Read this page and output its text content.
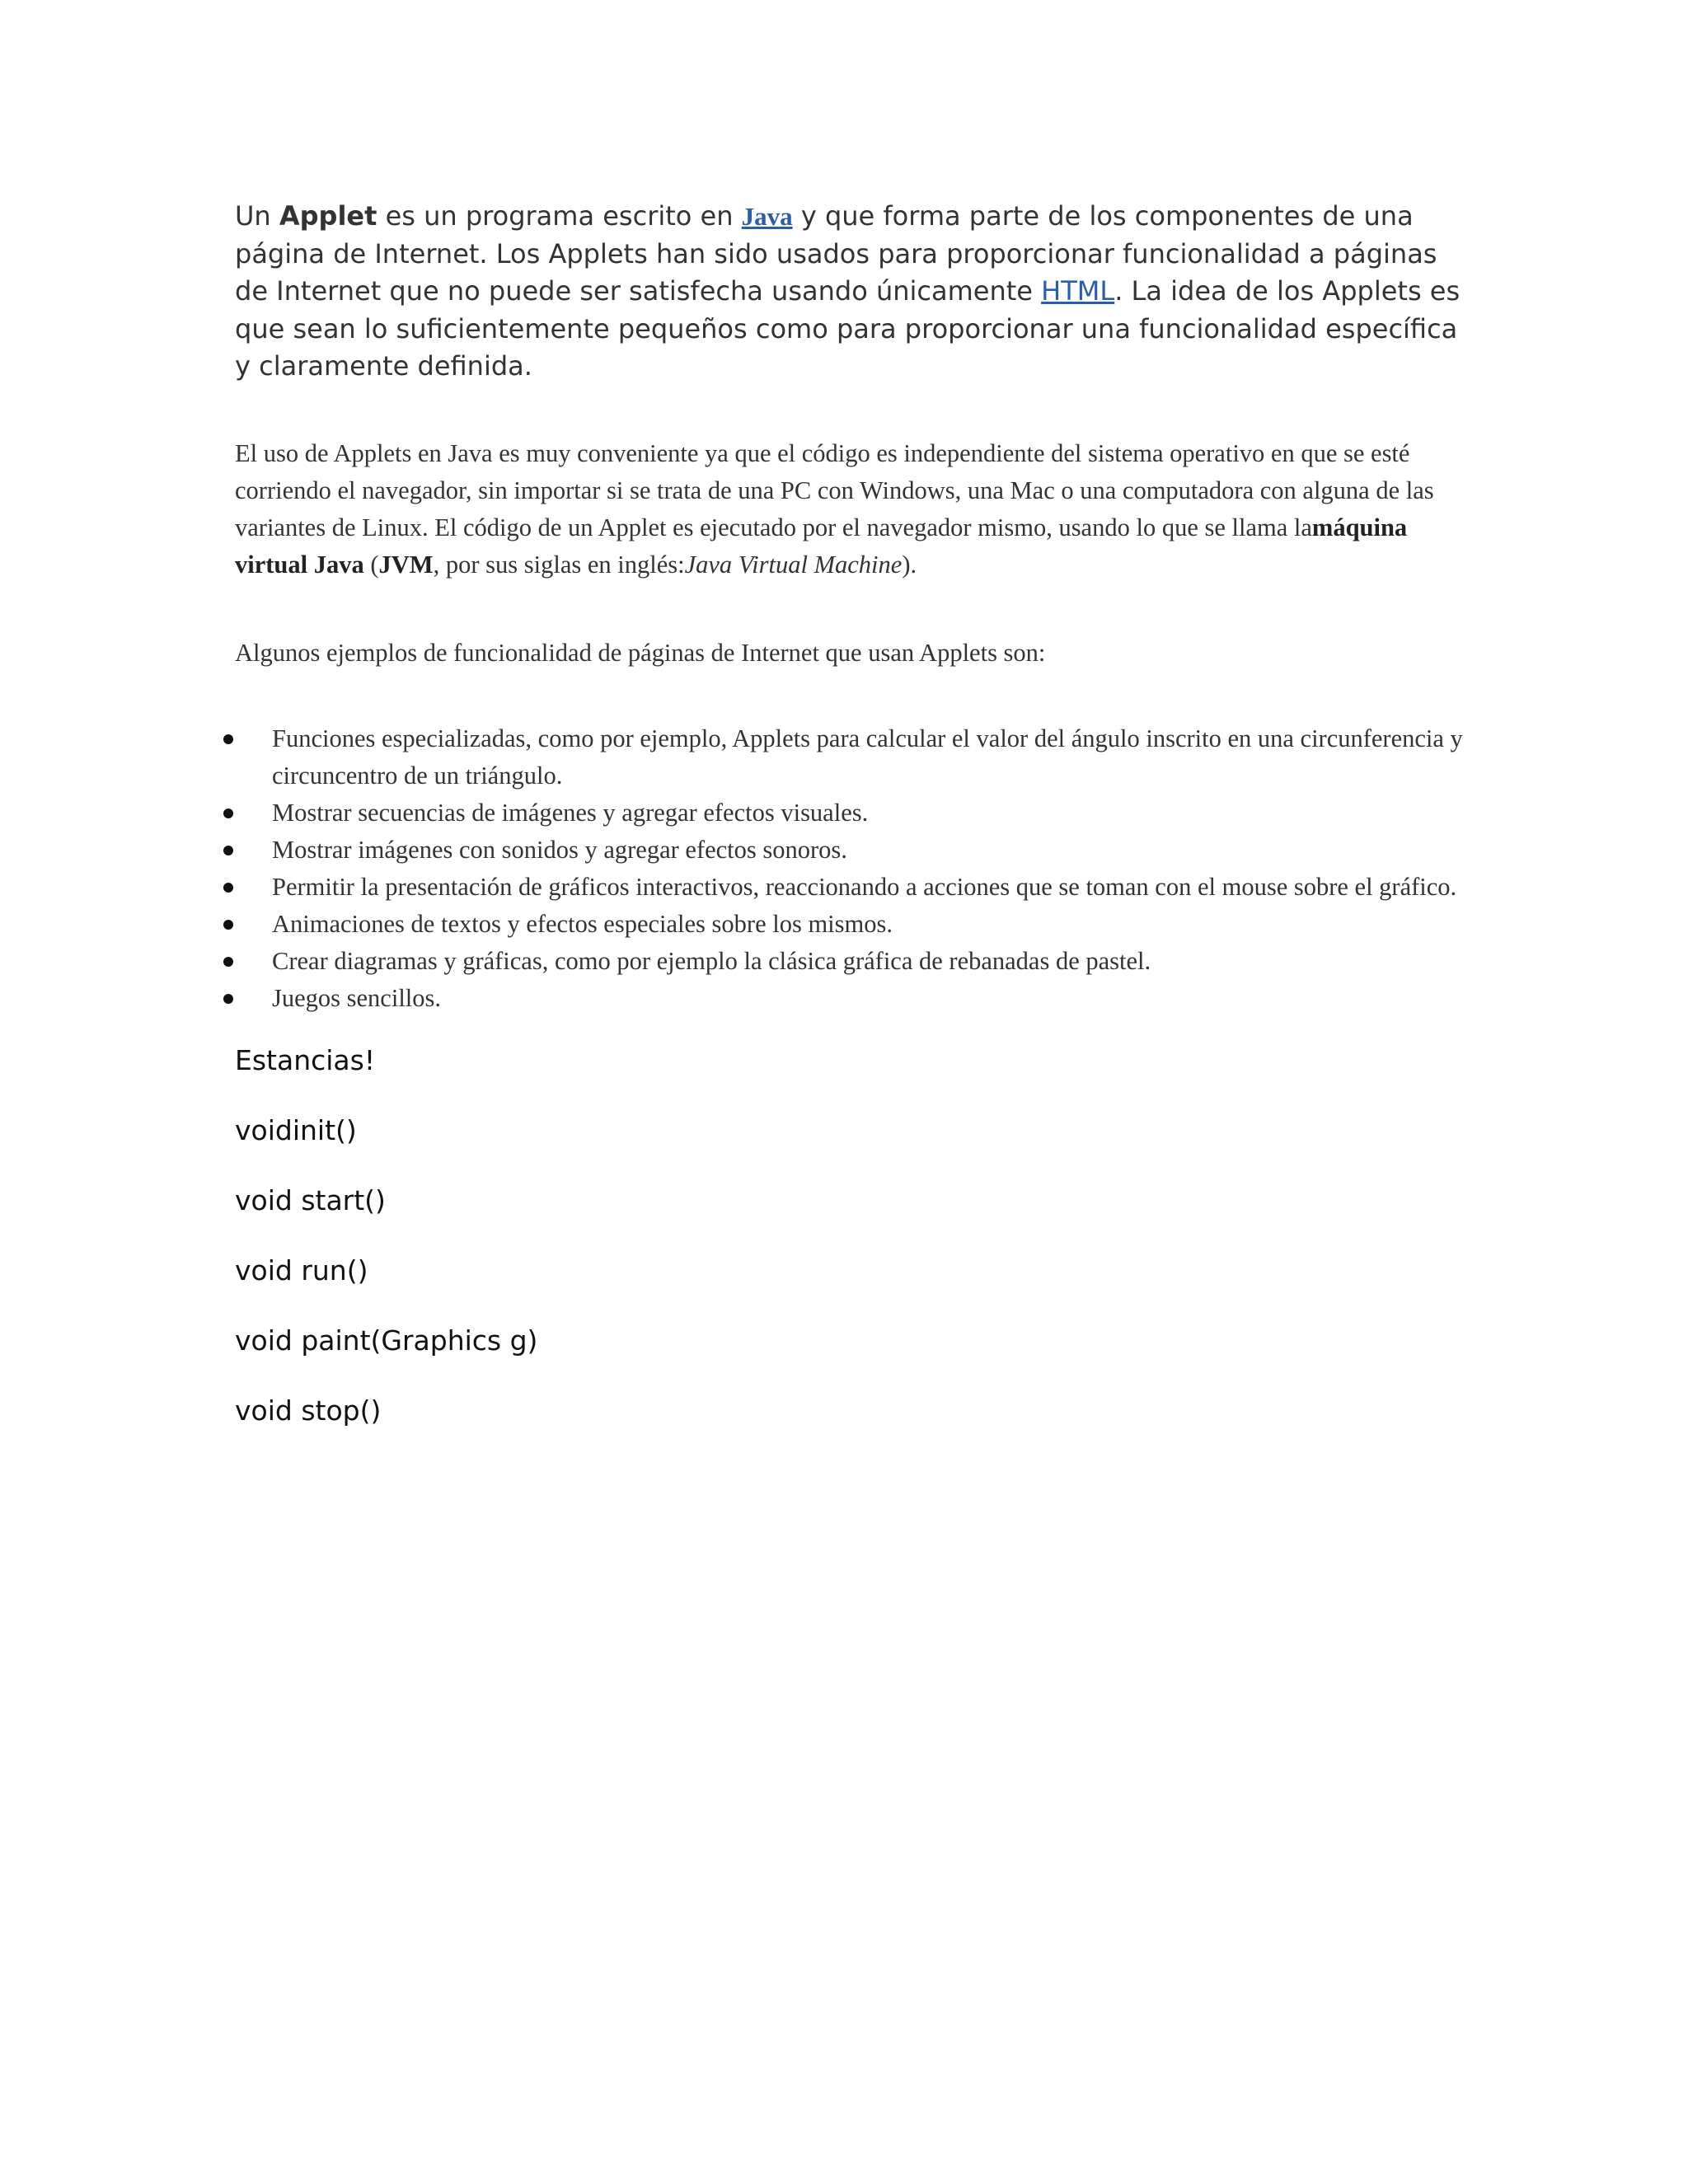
Un Applet es un programa escrito en Java y que forma parte de los componentes de una página de Internet. Los Applets han sido usados para proporcionar funcionalidad a páginas de Internet que no puede ser satisfecha usando únicamente HTML. La idea de los Applets es que sean lo suficientemente pequeños como para proporcionar una funcionalidad específica y claramente definida.

El uso de Applets en Java es muy conveniente ya que el código es independiente del sistema operativo en que se esté corriendo el navegador, sin importar si se trata de una PC con Windows, una Mac o una computadora con alguna de las variantes de Linux. El código de un Applet es ejecutado por el navegador mismo, usando lo que se llama lamáquina virtual Java (JVM, por sus siglas en inglés:Java Virtual Machine).

Algunos ejemplos de funcionalidad de páginas de Internet que usan Applets son:

Funciones especializadas, como por ejemplo, Applets para calcular el valor del ángulo inscrito en una circunferencia y circuncentro de un triángulo.
Mostrar secuencias de imágenes y agregar efectos visuales.
Mostrar imágenes con sonidos y agregar efectos sonoros.
Permitir la presentación de gráficos interactivos, reaccionando a acciones que se toman con el mouse sobre el gráfico.
Animaciones de textos y efectos especiales sobre los mismos.
Crear diagramas y gráficas, como por ejemplo la clásica gráfica de rebanadas de pastel.
Juegos sencillos.
Estancias!
voidinit()
void start()
void run()
void paint(Graphics g)
void stop()
